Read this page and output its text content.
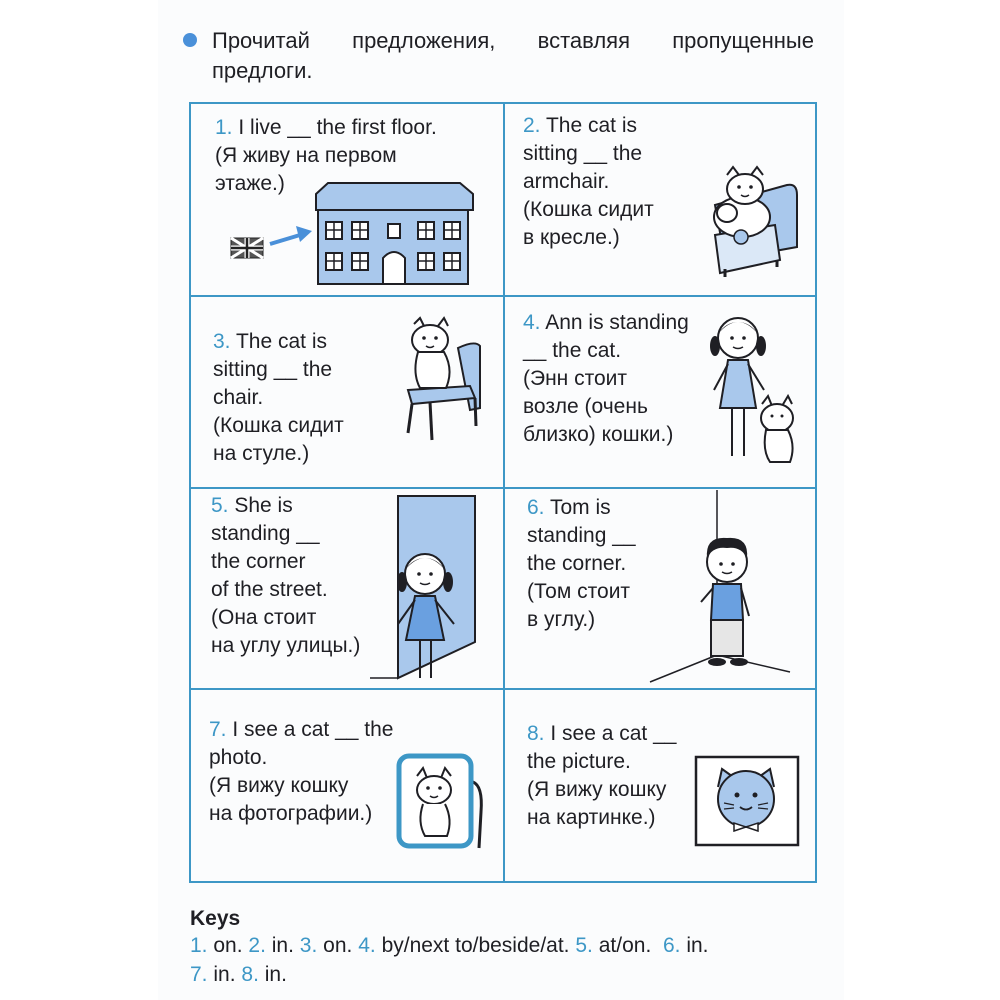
Прочитай предложения, вставляя пропущенные
предлоги.
1. I live __ the first floor.
(Я живу на первом
этаже.)
2. The cat is
sitting __ the
armchair.
(Кошка сидит
в кресле.)
3. The cat is
sitting __ the
chair.
(Кошка сидит
на стуле.)
4. Ann is standing
__ the cat.
(Энн стоит
возле (очень
близко) кошки.)
5. She is
standing __
the corner
of the street.
(Она стоит
на углу улицы.)
6. Tom is
standing __
the corner.
(Том стоит
в углу.)
7. I see a cat __ the
photo.
(Я вижу кошку
на фотографии.)
8. I see a cat __
the picture.
(Я вижу кошку
на картинке.)
Keys
1. on. 2. in. 3. on. 4. by/next to/beside/at. 5. at/on. 6. in.
7. in. 8. in.
